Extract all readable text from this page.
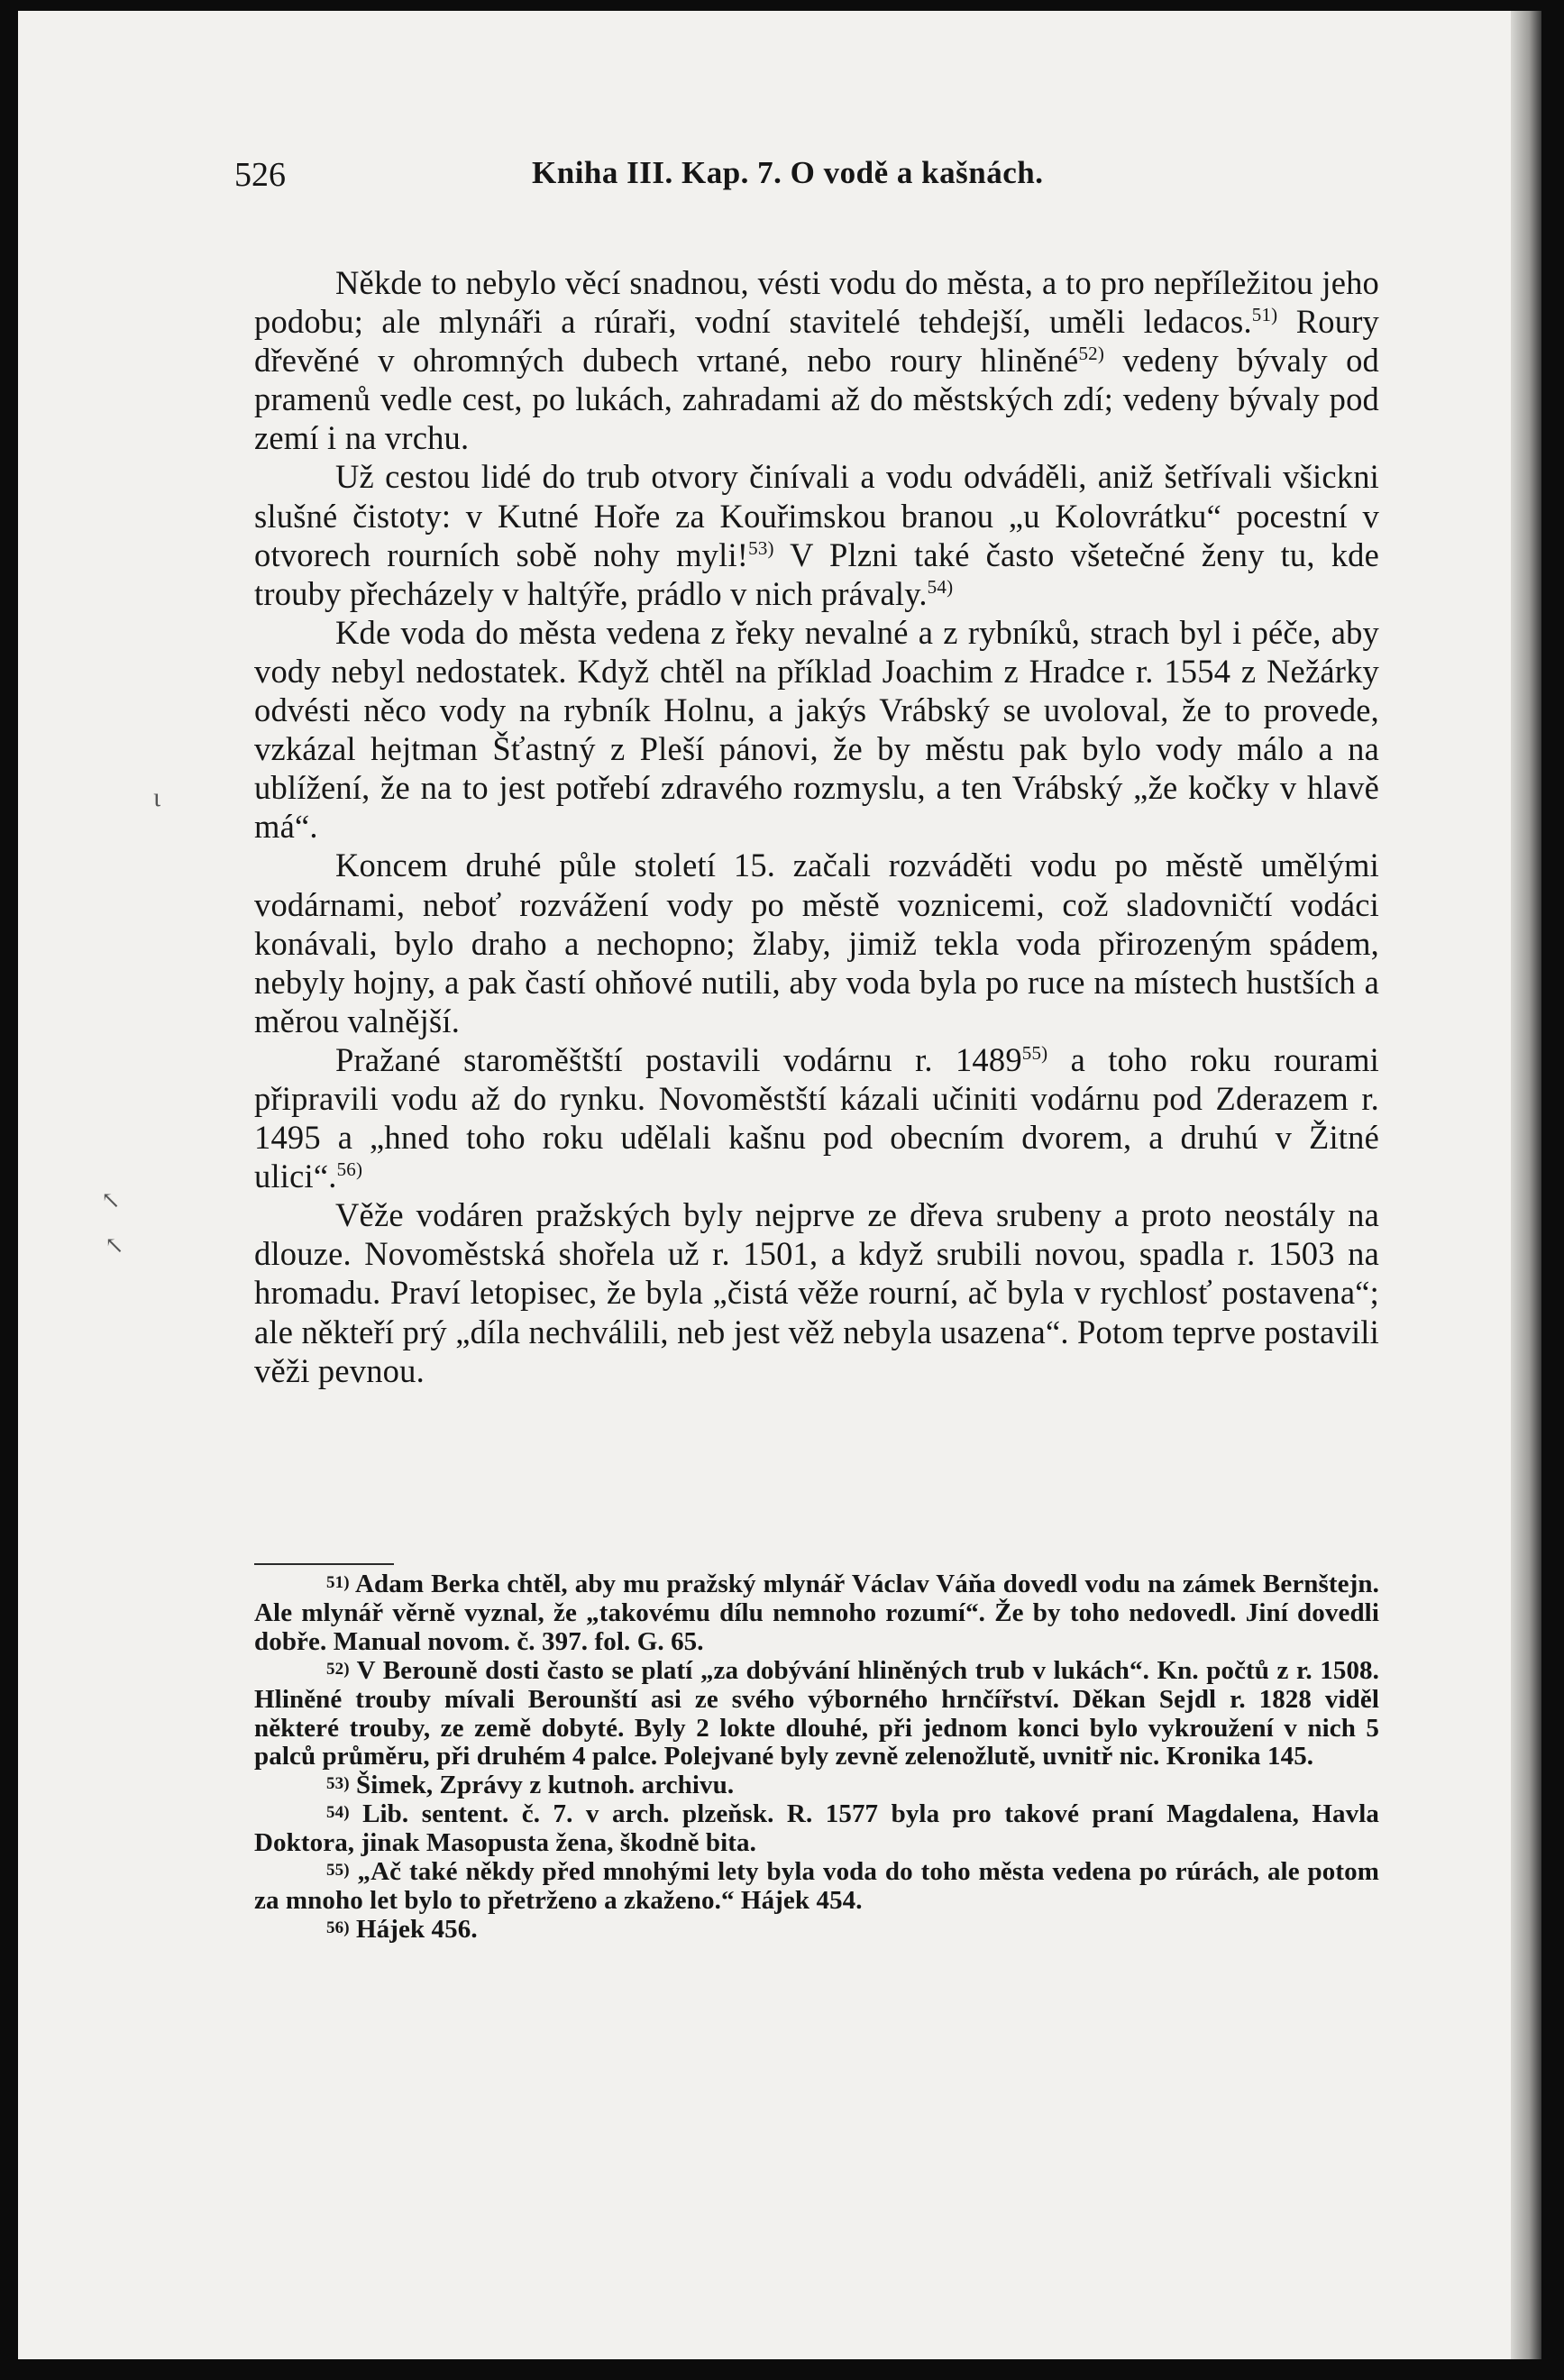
526	Kniha III. Kap. 7. O vodě a kašnách.

Někde to nebylo věcí snadnou, vésti vodu do města, a to pro nepříležitou jeho podobu; ale mlynáři a rúraři, vodní stavitelé tehdejší, uměli ledacos.$^{51)}$ Roury dřevěné v ohromných dubech vrtané, nebo roury hliněné$^{52)}$ vedeny bývaly od pramenů vedle cest, po lukách, zahradami až do městských zdí; vedeny bývaly pod zemí i na vrchu.

Už cestou lidé do trub otvory činívali a vodu odváděli, aniž šetřívali všickni slušné čistoty: v Kutné Hoře za Kouřimskou branou „u Kolovrátku“ pocestní v otvorech rourních sobě nohy myli!$^{53)}$ V Plzni také často všetečné ženy tu, kde trouby přecházely v haltýře, prádlo v nich právaly.$^{54)}$

Kde voda do města vedena z řeky nevalné a z rybníků, strach byl i péče, aby vody nebyl nedostatek. Když chtěl na příklad Joachim z Hradce r. 1554 z Nežárky odvésti něco vody na rybník Holnu, a jakýs Vrábský se uvoloval, že to provede, vzkázal hejtman Šťastný z Pleší pánovi, že by městu pak bylo vody málo a na ublížení, že na to jest potřebí zdravého rozmyslu, a ten Vrábský „že kočky v hlavě má“.

Koncem druhé půle století 15. začali rozváděti vodu po městě umělými vodárnami, neboť rozvážení vody po městě voznicemi, což sladovničtí vodáci konávali, bylo draho a nechopno; žlaby, jimiž tekla voda přirozeným spádem, nebyly hojny, a pak častí ohňové nutili, aby voda byla po ruce na místech hustších a měrou valnější.

Pražané staroměštští postavili vodárnu r. 1489$^{55)}$ a toho roku rourami připravili vodu až do rynku. Novoměstští kázali učiniti vodárnu pod Zderazem r. 1495 a „hned toho roku udělali kašnu pod obecním dvorem, a druhú v Žitné ulici“.$^{56)}$

Věže vodáren pražských byly nejprve ze dřeva srubeny a proto neostály na dlouze. Novoměstská shořela už r. 1501, a když srubili novou, spadla r. 1503 na hromadu. Praví letopisec, že byla „čistá věže rourní, ač byla v rychlosť postavena“; ale někteří prý „díla nechválili, neb jest věž nebyla usazena“. Potom teprve postavili věži pevnou.

$^{51)}$ Adam Berka chtěl, aby mu pražský mlynář Václav Váňa dovedl vodu na zámek Bernštejn. Ale mlynář věrně vyznal, že „takovému dílu nemnoho rozumí“. Že by toho nedovedl. Jiní dovedli dobře. Manual novom. č. 397. fol. G. 65.

$^{52)}$ V Berouně dosti často se platí „za dobývání hliněných trub v lukách“. Kn. počtů z r. 1508. Hliněné trouby mívali Berounští asi ze svého výborného hrnčířství. Děkan Sejdl r. 1828 viděl některé trouby, ze země dobyté. Byly 2 lokte dlouhé, při jednom konci bylo vykroužení v nich 5 palců průměru, při druhém 4 palce. Polejvané byly zevně zelenožlutě, uvnitř nic. Kronika 145.

$^{53)}$ Šimek, Zprávy z kutnoh. archivu.

$^{54)}$ Lib. sentent. č. 7. v arch. plzeňsk. R. 1577 byla pro takové praní Magdalena, Havla Doktora, jinak Masopusta žena, škodně bita.

$^{55)}$ „Ač také někdy před mnohými lety byla voda do toho města vedena po rúrách, ale potom za mnoho let bylo to přetrženo a zkaženo.“ Hájek 454.

$^{56)}$ Hájek 456.

ι
↖
↖
